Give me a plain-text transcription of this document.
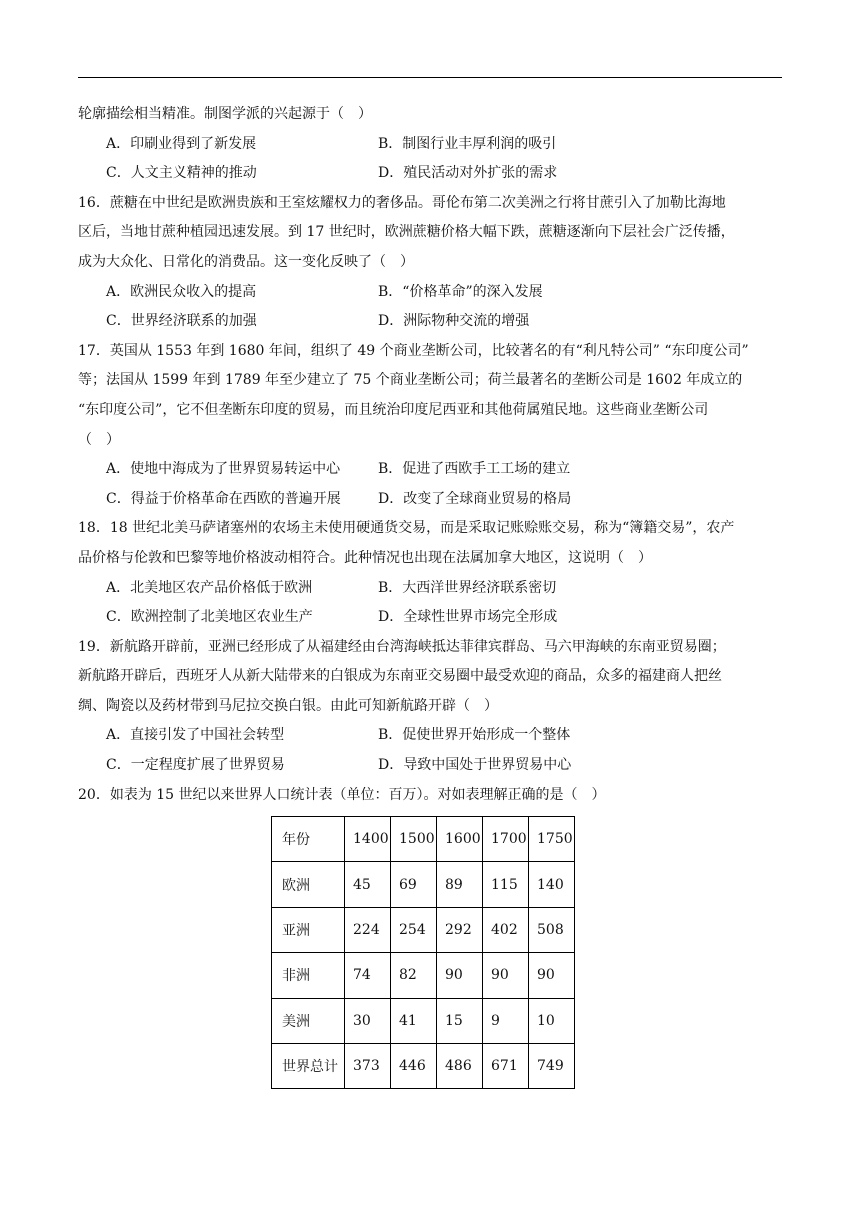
轮廓描绘相当精准。制图学派的兴起源于（　）
A．印刷业得到了新发展	B．制图行业丰厚利润的吸引
C．人文主义精神的推动	D．殖民活动对外扩张的需求
16．蔗糖在中世纪是欧洲贵族和王室炫耀权力的奢侈品。哥伦布第二次美洲之行将甘蔗引入了加勒比海地
区后，当地甘蔗种植园迅速发展。到 17 世纪时，欧洲蔗糖价格大幅下跌，蔗糖逐渐向下层社会广泛传播，
成为大众化、日常化的消费品。这一变化反映了（　）
A．欧洲民众收入的提高	B．“价格革命”的深入发展
C．世界经济联系的加强	D．洲际物种交流的增强
17．英国从 1553 年到 1680 年间，组织了 49 个商业垄断公司，比较著名的有“利凡特公司” “东印度公司”
等；法国从 1599 年到 1789 年至少建立了 75 个商业垄断公司；荷兰最著名的垄断公司是 1602 年成立的
“东印度公司”，它不但垄断东印度的贸易，而且统治印度尼西亚和其他荷属殖民地。这些商业垄断公司
（　）
A．使地中海成为了世界贸易转运中心	B．促进了西欧手工工场的建立
C．得益于价格革命在西欧的普遍开展	D．改变了全球商业贸易的格局
18．18 世纪北美马萨诸塞州的农场主未使用硬通货交易，而是采取记账赊账交易，称为“簿籍交易”，农产
品价格与伦敦和巴黎等地价格波动相符合。此种情况也出现在法属加拿大地区，这说明（　）
A．北美地区农产品价格低于欧洲	B．大西洋世界经济联系密切
C．欧洲控制了北美地区农业生产	D．全球性世界市场完全形成
19．新航路开辟前，亚洲已经形成了从福建经由台湾海峡抵达菲律宾群岛、马六甲海峡的东南亚贸易圈；
新航路开辟后，西班牙人从新大陆带来的白银成为东南亚交易圈中最受欢迎的商品，众多的福建商人把丝
绸、陶瓷以及药材带到马尼拉交换白银。由此可知新航路开辟（　）
A．直接引发了中国社会转型	B．促使世界开始形成一个整体
C．一定程度扩展了世界贸易	D．导致中国处于世界贸易中心
20．如表为 15 世纪以来世界人口统计表（单位：百万）。对如表理解正确的是（　）
年份	1400	1500	1600	1700	1750
欧洲	45	69	89	115	140
亚洲	224	254	292	402	508
非洲	74	82	90	90	90
美洲	30	41	15	9	10
世界总计	373	446	486	671	749
